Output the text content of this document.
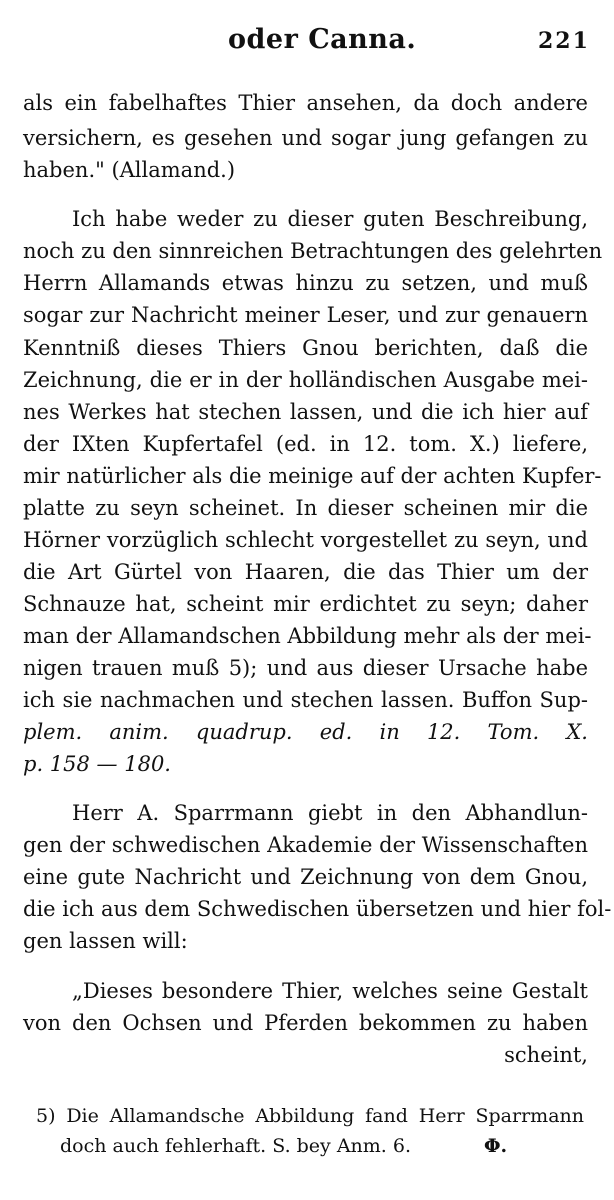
oder Canna.	221
als ein fabelhaftes Thier ansehen, da doch andere
versichern, es gesehen und sogar jung gefangen zu
haben." (Allamand.)
Ich habe weder zu dieser guten Beschreibung,
noch zu den sinnreichen Betrachtungen des gelehrten
Herrn Allamands etwas hinzu zu setzen, und muß
sogar zur Nachricht meiner Leser, und zur genauern
Kenntniß dieses Thiers Gnou berichten, daß die
Zeichnung, die er in der holländischen Ausgabe mei-
nes Werkes hat stechen lassen, und die ich hier auf
der IXten Kupfertafel (ed. in 12. tom. X.) liefere,
mir natürlicher als die meinige auf der achten Kupfer-
platte zu seyn scheinet. In dieser scheinen mir die
Hörner vorzüglich schlecht vorgestellet zu seyn, und
die Art Gürtel von Haaren, die das Thier um der
Schnauze hat, scheint mir erdichtet zu seyn; daher
man der Allamandschen Abbildung mehr als der mei-
nigen trauen muß 5); und aus dieser Ursache habe
ich sie nachmachen und stechen lassen. Buffon Sup-
plem. anim. quadrup. ed. in 12. Tom. X.
p. 158 — 180.
Herr A. Sparrmann giebt in den Abhandlun-
gen der schwedischen Akademie der Wissenschaften
eine gute Nachricht und Zeichnung von dem Gnou,
die ich aus dem Schwedischen übersetzen und hier fol-
gen lassen will:
„Dieses besondere Thier, welches seine Gestalt
von den Ochsen und Pferden bekommen zu haben
scheint,
5) Die Allamandsche Abbildung fand Herr Sparrmann
doch auch fehlerhaft. S. bey Anm. 6.	Φ.
